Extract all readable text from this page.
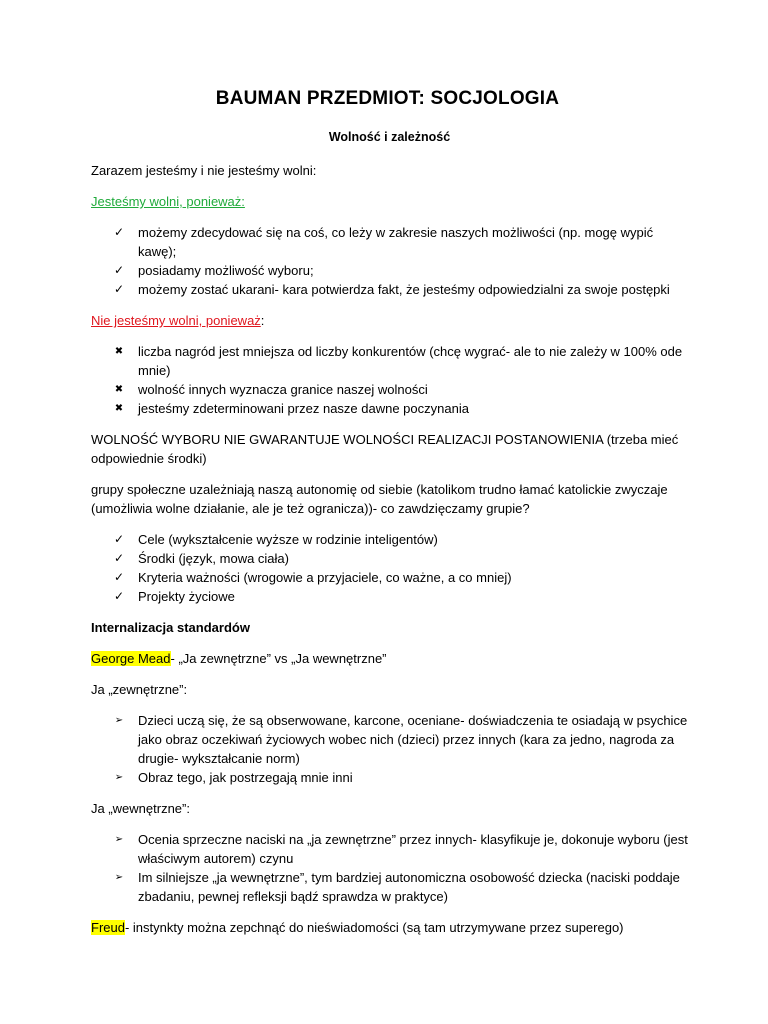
BAUMAN PRZEDMIOT: SOCJOLOGIA
Wolność i zależność

Zarazem jesteśmy i nie jesteśmy wolni:

Jesteśmy wolni, ponieważ:

✓ możemy zdecydować się na coś, co leży w zakresie naszych możliwości (np. mogę wypić kawę);
✓ posiadamy możliwość wyboru;
✓ możemy zostać ukarani- kara potwierdza fakt, że jesteśmy odpowiedzialni za swoje postępki

Nie jesteśmy wolni, ponieważ:

✖ liczba nagród jest mniejsza od liczby konkurentów (chcę wygrać- ale to nie zależy w 100% ode mnie)
✖ wolność innych wyznacza granice naszej wolności
✖ jesteśmy zdeterminowani przez nasze dawne poczynania

WOLNOŚĆ WYBORU NIE GWARANTUJE WOLNOŚCI REALIZACJI POSTANOWIENIA (trzeba mieć odpowiednie środki)

grupy społeczne uzależniają naszą autonomię od siebie (katolikom trudno łamać katolickie zwyczaje (umożliwia wolne działanie, ale je też ogranicza))- co zawdzięczamy grupie?

✓ Cele (wykształcenie wyższe w rodzinie inteligentów)
✓ Środki (język, mowa ciała)
✓ Kryteria ważności (wrogowie a przyjaciele, co ważne, a co mniej)
✓ Projekty życiowe

Internalizacja standardów

George Mead- „Ja zewnętrzne” vs „Ja wewnętrzne”

Ja „zewnętrzne”:

➢ Dzieci uczą się, że są obserwowane, karcone, oceniane- doświadczenia te osiadają w psychice jako obraz oczekiwań życiowych wobec nich (dzieci) przez innych (kara za jedno, nagroda za drugie- wykształcanie norm)
➢ Obraz tego, jak postrzegają mnie inni

Ja „wewnętrzne”:

➢ Ocenia sprzeczne naciski na „ja zewnętrzne” przez innych- klasyfikuje je, dokonuje wyboru (jest właściwym autorem) czynu
➢ Im silniejsze „ja wewnętrzne”, tym bardziej autonomiczna osobowość dziecka (naciski poddaje zbadaniu, pewnej refleksji bądź sprawdza w praktyce)

Freud- instynkty można zepchnąć do nieświadomości (są tam utrzymywane przez superego)
